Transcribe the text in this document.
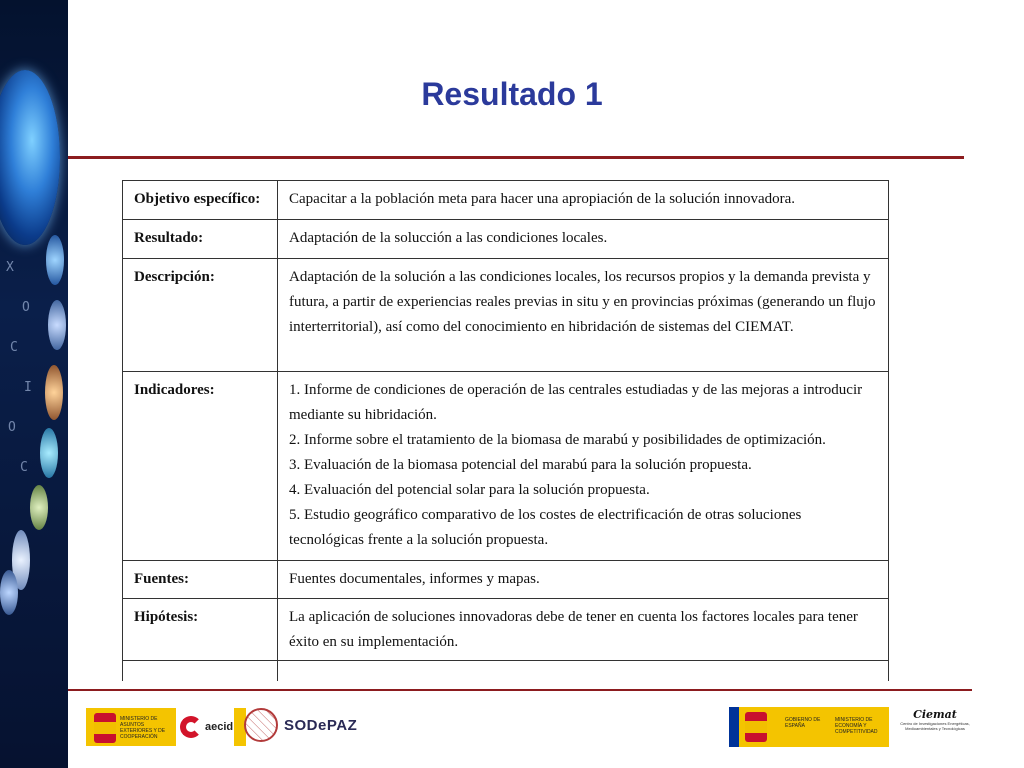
X
O
C
I
O
C
Resultado 1
Objetivo específico:	Capacitar a la población meta para hacer una apropiación de la solución innovadora.
Resultado:	Adaptación de la solucción a las condiciones locales.
Descripción:	Adaptación de la solución a las condiciones locales, los recursos propios y la demanda prevista y futura, a partir de experiencias reales previas in situ y en provincias próximas (generando un flujo interterritorial), así como del conocimiento en hibridación de sistemas del CIEMAT.
Indicadores:	1. Informe de condiciones de operación de las centrales estudiadas y de las mejoras a introducir mediante su hibridación.
2. Informe sobre el tratamiento de la biomasa de marabú y posibilidades de optimización.
3. Evaluación de la biomasa potencial del marabú para la solución propuesta.
4. Evaluación del potencial solar para la solución propuesta.
5. Estudio geográfico comparativo de los costes de electrificación de otras soluciones tecnológicas frente a la solución propuesta.

Fuentes:	Fuentes documentales, informes y mapas.
Hipótesis:	La aplicación de soluciones innovadoras debe de tener en cuenta los factores locales para tener éxito en su implementación.

MINISTERIO DE ASUNTOS EXTERIORES Y DE COOPERACIÓN
aecid	SODePAZ	GOBIERNO DE ESPAÑA
MINISTERIO DE ECONOMÍA Y COMPETITIVIDAD
Ciemat
Centro de Investigaciones Energéticas, Medioambientales y Tecnológicas
